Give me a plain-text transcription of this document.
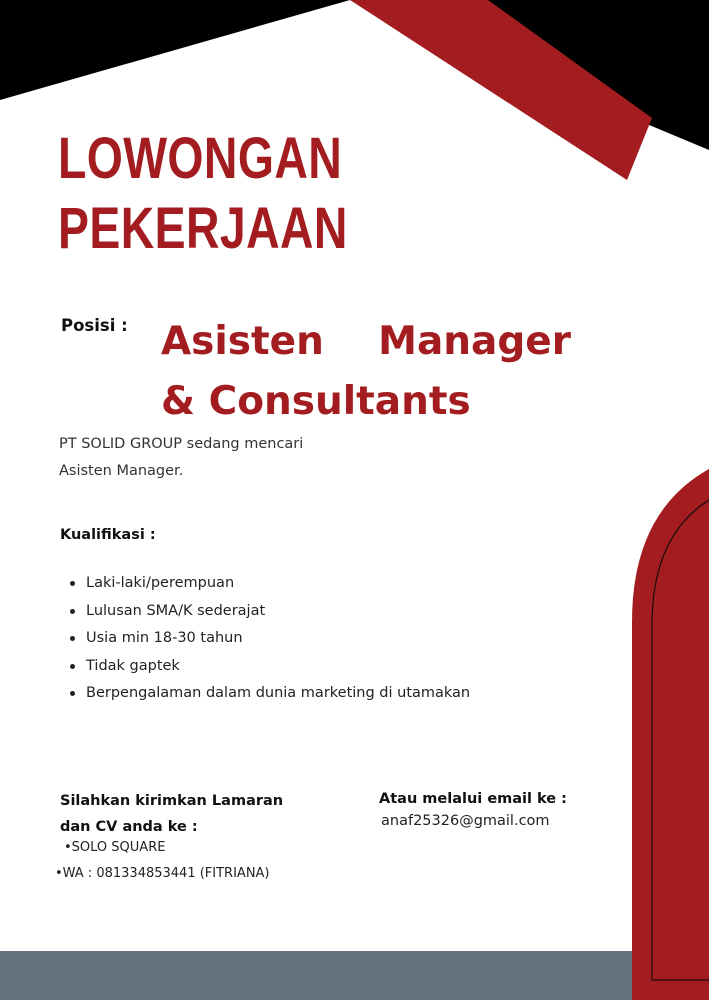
LOWONGAN
PEKERJAAN
Posisi : Asisten    Manager
& Consultants

PT SOLID GROUP sedang mencari
Asisten Manager.

Kualifikasi :
Laki-laki/perempuan
Lulusan SMA/K sederajat
Usia min 18-30 tahun
Tidak gaptek
Berpengalaman dalam dunia marketing di utamakan

Silahkan kirimkan Lamaran
dan CV anda ke :

•SOLO SQUARE
•WA : 081334853441 (FITRIANA)
Atau melalui email ke :
anaf25326@gmail.com
